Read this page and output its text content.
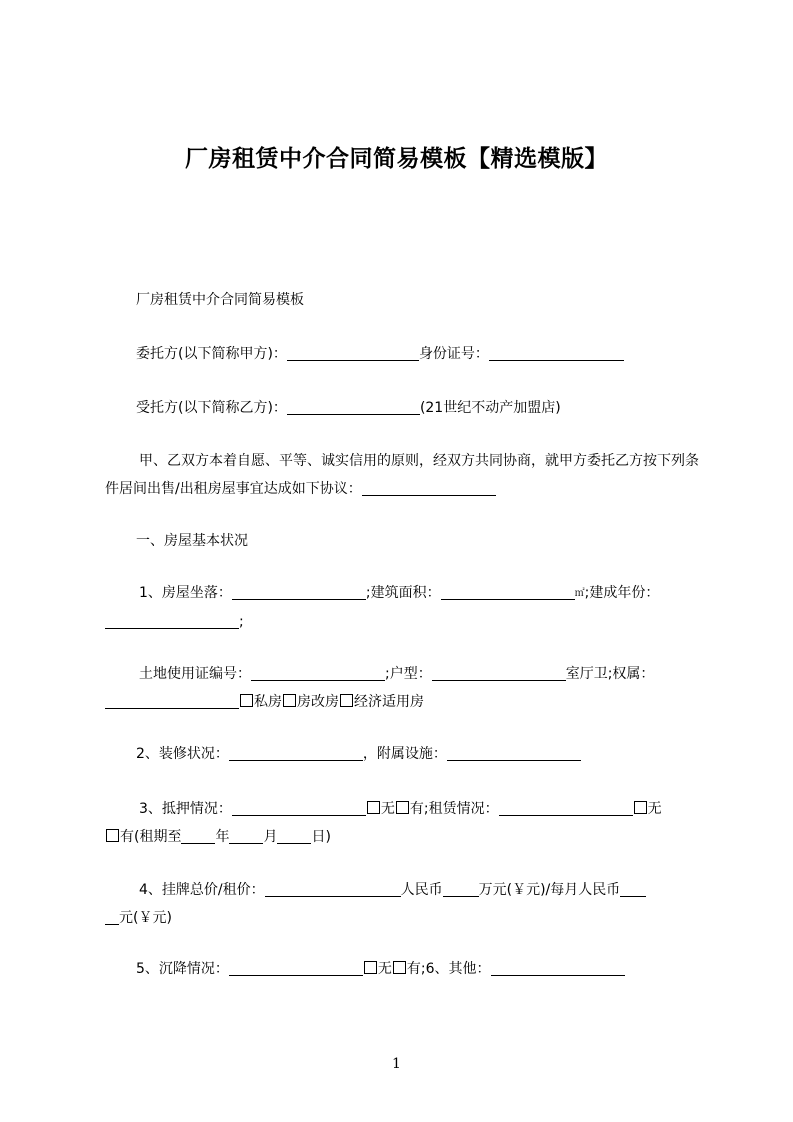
厂房租赁中介合同简易模板【精选模版】
厂房租赁中介合同简易模板
委托方(以下简称甲方)：	身份证号：
受托方(以下简称乙方)：	(21世纪不动产加盟店)
甲、乙双方本着自愿、平等、诚实信用的原则，经双方共同协商，就甲方委托乙方按下列条件居间出售/出租房屋事宜达成如下协议：
一、房屋基本状况
1、房屋坐落：	;建筑面积：	㎡;建成年份：
;
土地使用证编号：	;户型：	室厅卫;权属：
私房 房改房 经济适用房
2、装修状况：	，附属设施：
3、抵押情况：	无 有;租赁情况：	无
有(租期至 年 月 日)
4、挂牌总价/租价：	人民币	万元(￥元)/每月人民币
元(￥元)
5、沉降情况：	无 有;6、其他：
1
